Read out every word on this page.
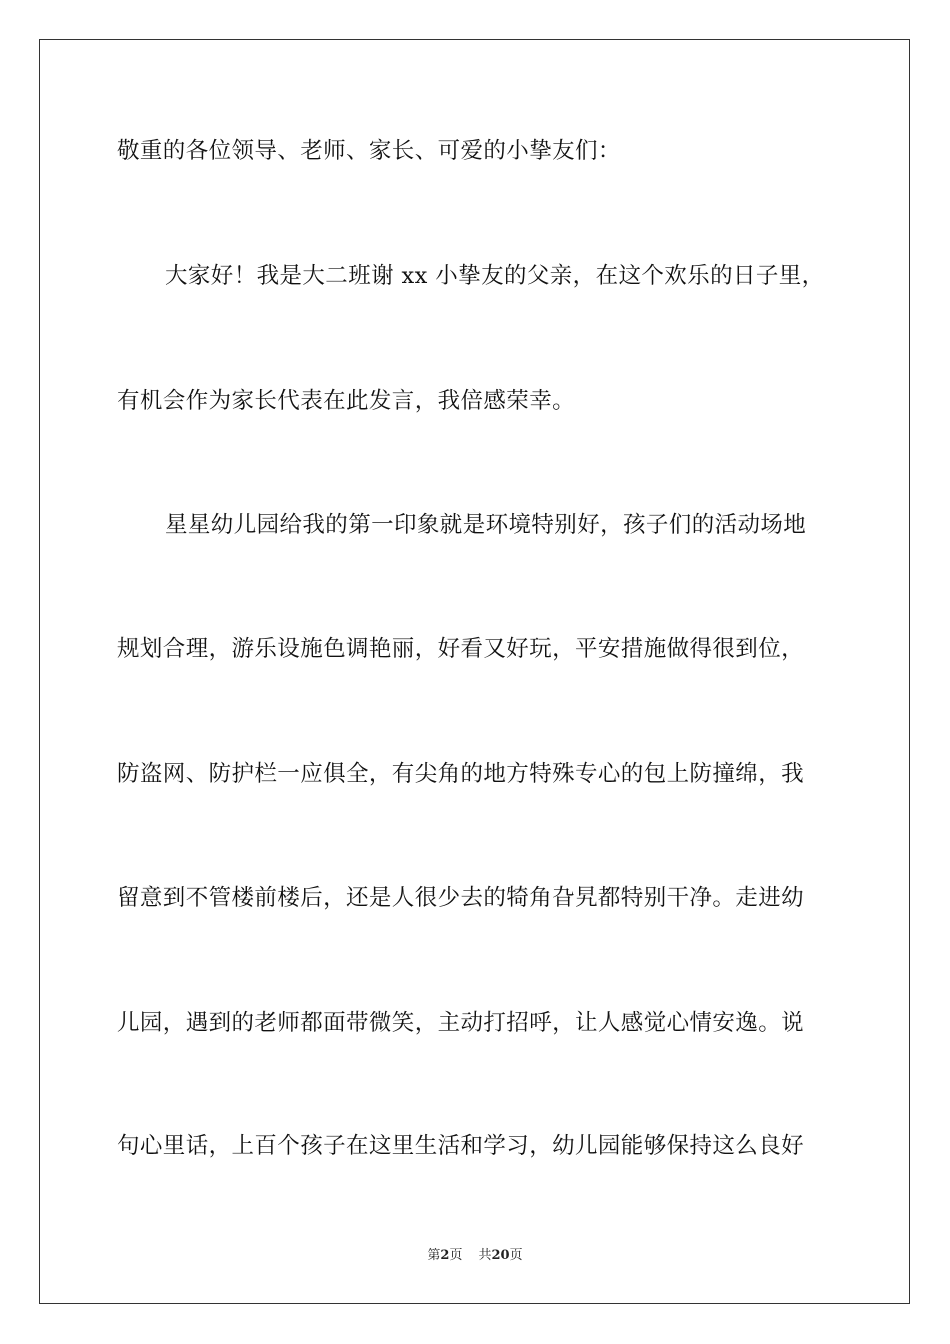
敬重的各位领导、老师、家长、可爱的小挚友们：
大家好！我是大二班谢 xx 小挚友的父亲，在这个欢乐的日子里，
有机会作为家长代表在此发言，我倍感荣幸。
星星幼儿园给我的第一印象就是环境特别好，孩子们的活动场地
规划合理，游乐设施色调艳丽，好看又好玩，平安措施做得很到位，
防盗网、防护栏一应俱全，有尖角的地方特殊专心的包上防撞绵，我
留意到不管楼前楼后，还是人很少去的犄角旮旯都特别干净。走进幼
儿园，遇到的老师都面带微笑，主动打招呼，让人感觉心情安逸。说
句心里话，上百个孩子在这里生活和学习，幼儿园能够保持这么良好
第2页 共20页
